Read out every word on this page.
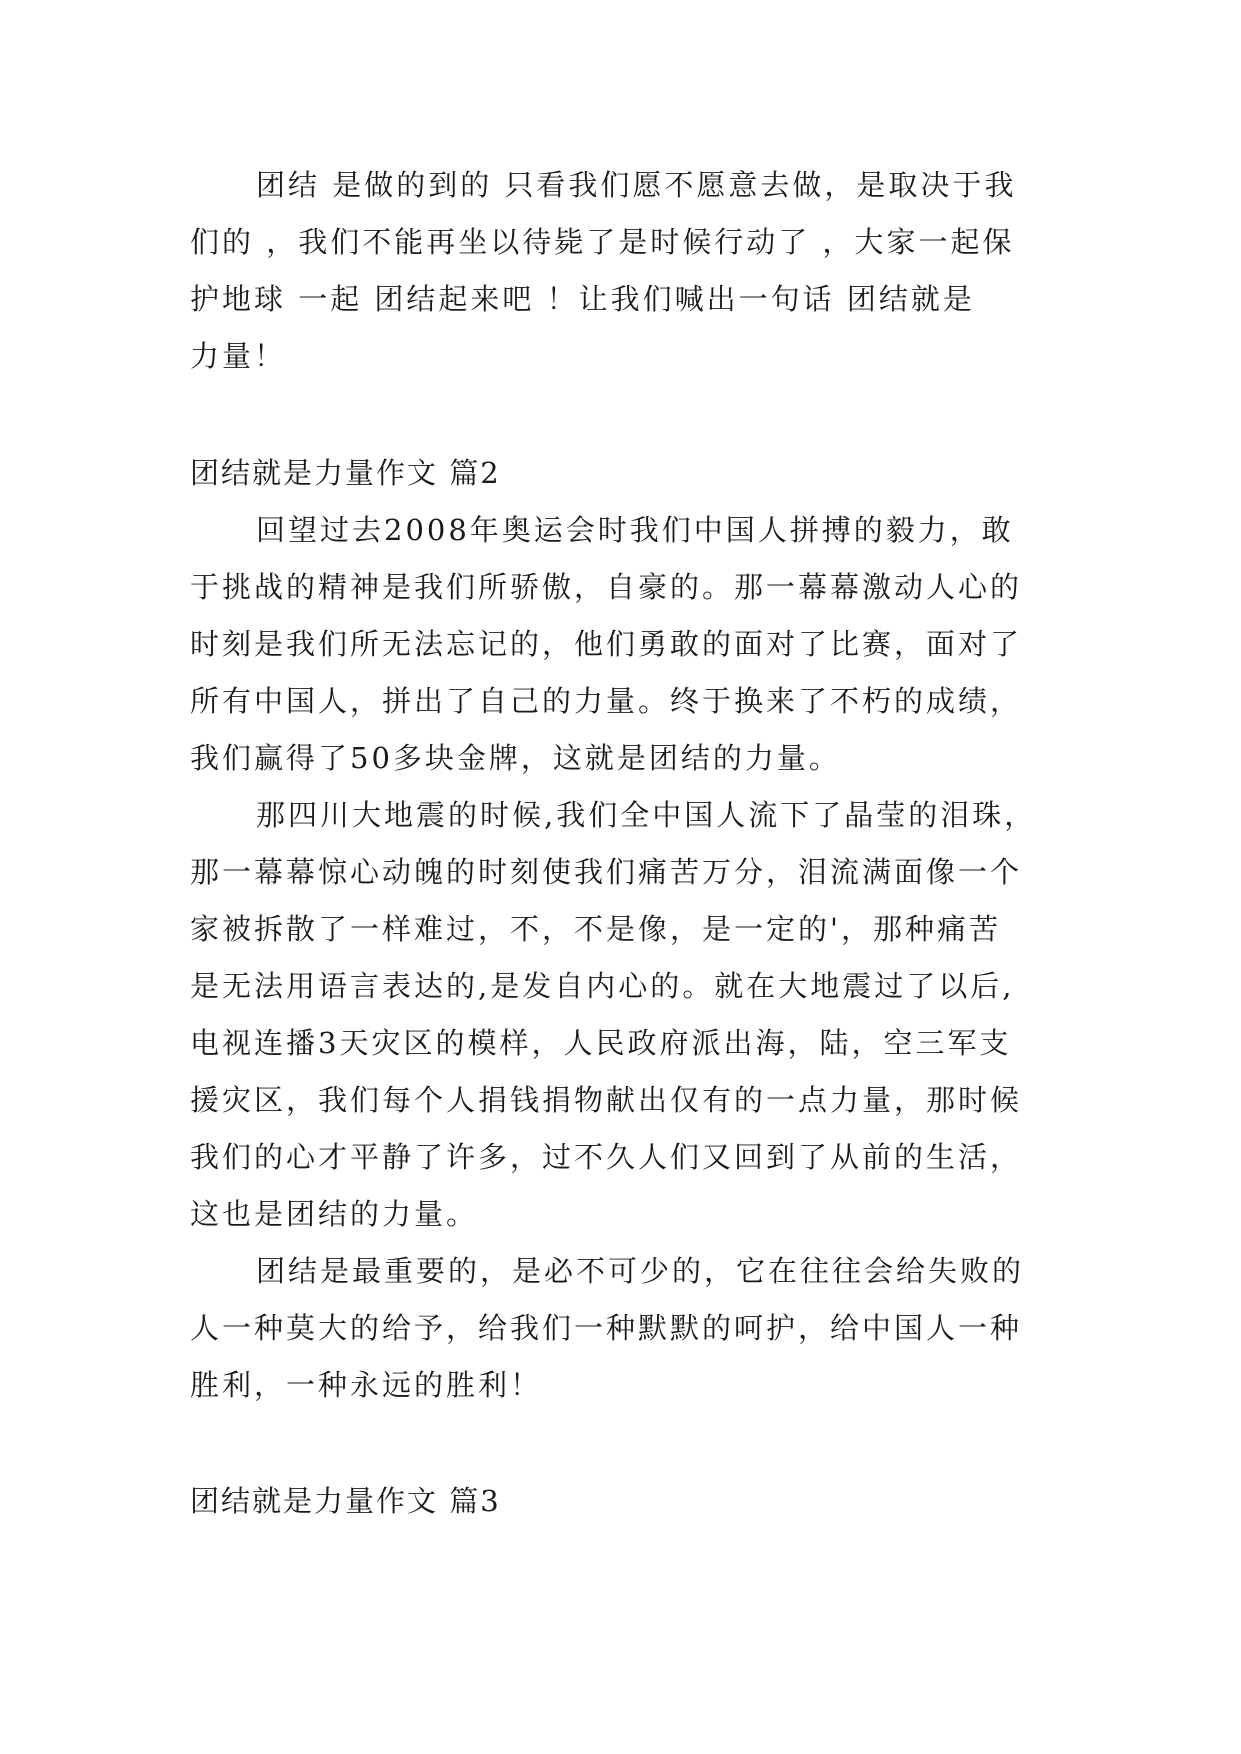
团结 是做的到的 只看我们愿不愿意去做，是取决于我

们的 ，我们不能再坐以待毙了是时候行动了 ，大家一起保

护地球 一起 团结起来吧 ！让我们喊出一句话 团结就是

力量！

团结就是力量作文 篇2

回望过去2008年奥运会时我们中国人拼搏的毅力，敢

于挑战的精神是我们所骄傲，自豪的。那一幕幕激动人心的

时刻是我们所无法忘记的，他们勇敢的面对了比赛，面对了

所有中国人，拼出了自己的力量。终于换来了不朽的成绩，

我们赢得了50多块金牌，这就是团结的力量。

那四川大地震的时候,我们全中国人流下了晶莹的泪珠，

那一幕幕惊心动魄的时刻使我们痛苦万分，泪流满面像一个

家被拆散了一样难过，不，不是像，是一定的'，那种痛苦

是无法用语言表达的,是发自内心的。就在大地震过了以后,

电视连播3天灾区的模样，人民政府派出海，陆，空三军支

援灾区，我们每个人捐钱捐物献出仅有的一点力量，那时候

我们的心才平静了许多，过不久人们又回到了从前的生活，

这也是团结的力量。

团结是最重要的，是必不可少的，它在往往会给失败的

人一种莫大的给予，给我们一种默默的呵护，给中国人一种

胜利，一种永远的胜利！

团结就是力量作文 篇3
